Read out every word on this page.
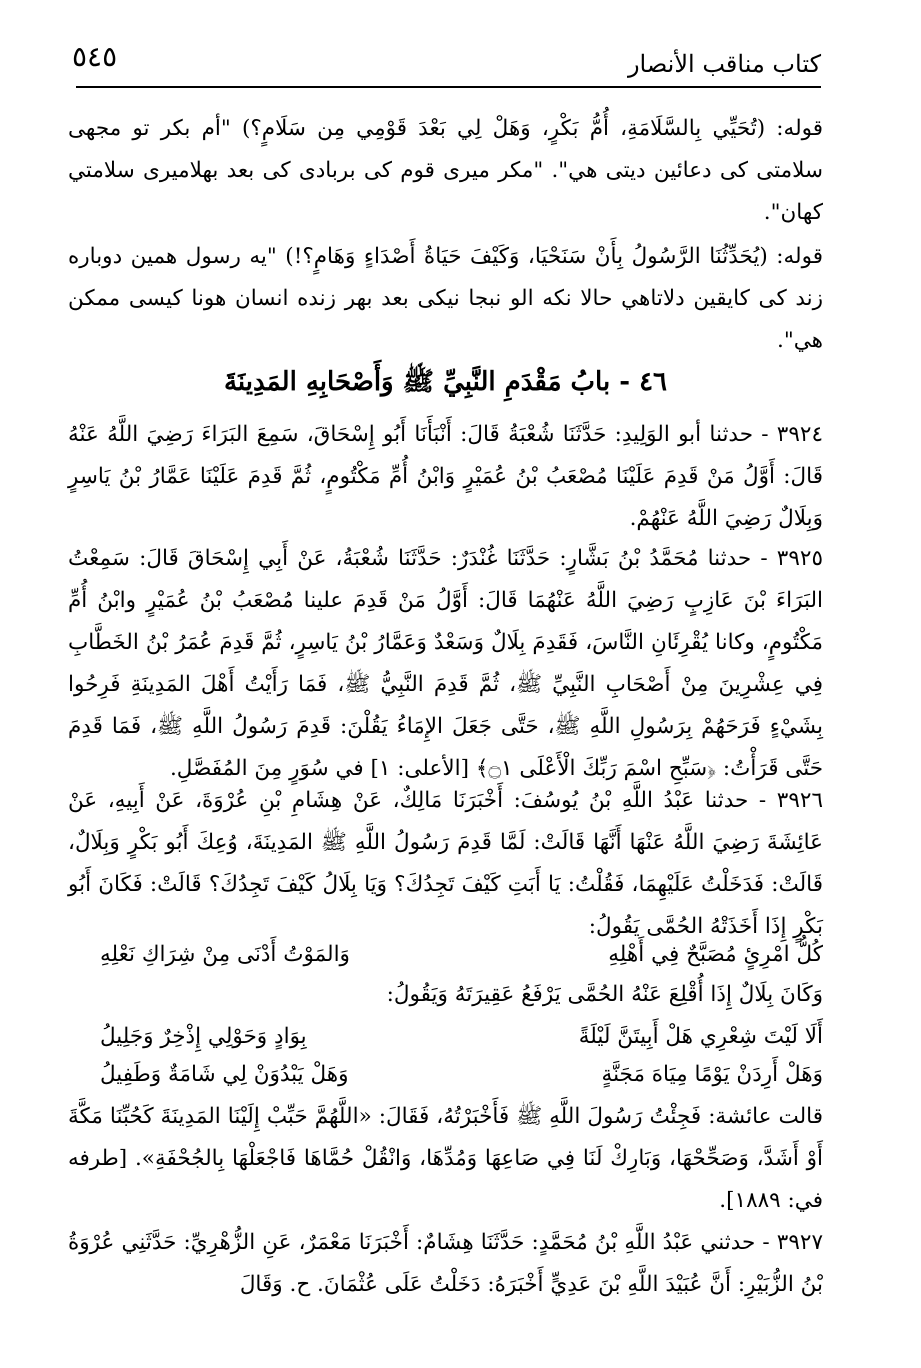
٥٤٥	كتاب مناقب الأنصار

قوله: (تُحَيِّي بِالسَّلَامَةِ، أُمُّ بَكْرٍ، وَهَلْ لِي بَعْدَ قَوْمِي مِن سَلَامٍ؟) "أم بكر تو مجهى سلامتى كى دعائين ديتى هي". "مكر ميرى قوم كى بربادى كى بعد بهلاميرى سلامتي كهان".

قوله: (يُحَدِّثُنَا الرَّسُولُ بِأَنْ سَنَحْيَا، وَكَيْفَ حَيَاةُ أَصْدَاءٍ وَهَامٍ؟!) "يه رسول همين دوباره زند كى كايقين دلاتاهي حالا نكه الو نبجا نيكى بعد بهر زنده انسان هونا كيسى ممكن هي".

٤٦ - بابُ مَقْدَمِ النَّبِيِّ ﷺ وَأَصْحَابِهِ المَدِينَةَ

٣٩٢٤ - حدثنا أبو الوَلِيدِ: حَدَّثَنَا شُعْبَةُ قَالَ: أَنْبَأَنَا أَبُو إِسْحَاقَ، سَمِعَ البَرَاءَ رَضِيَ اللَّهُ عَنْهُ قَالَ: أَوَّلُ مَنْ قَدِمَ عَلَيْنَا مُصْعَبُ بْنُ عُمَيْرٍ وَابْنُ أُمِّ مَكْتُومٍ، ثُمَّ قَدِمَ عَلَيْنَا عَمَّارُ بْنُ يَاسِرٍ وَبِلَالٌ رَضِيَ اللَّهُ عَنْهُمْ.

٣٩٢٥ - حدثنا مُحَمَّدُ بْنُ بَشَّارٍ: حَدَّثَنَا غُنْدَرٌ: حَدَّثَنَا شُعْبَةُ، عَنْ أَبِي إِسْحَاقَ قَالَ: سَمِعْتُ البَرَاءَ بْنَ عَازِبٍ رَضِيَ اللَّهُ عَنْهُمَا قَالَ: أَوَّلُ مَنْ قَدِمَ علينا مُصْعَبُ بْنُ عُمَيْرٍ وابْنُ أُمِّ مَكْتُومٍ، وكانا يُقْرِئَانِ النَّاسَ، فَقَدِمَ بِلَالٌ وَسَعْدٌ وَعَمَّارُ بْنُ يَاسِرٍ، ثُمَّ قَدِمَ عُمَرُ بْنُ الخَطَّابِ فِي عِشْرِينَ مِنْ أَصْحَابِ النَّبِيِّ ﷺ، ثُمَّ قَدِمَ النَّبِيُّ ﷺ، فَمَا رَأَيْتُ أَهْلَ المَدِينَةِ فَرِحُوا بِشَيْءٍ فَرَحَهُمْ بِرَسُولِ اللَّهِ ﷺ، حَتَّى جَعَلَ الإِمَاءُ يَقُلْنَ: قَدِمَ رَسُولُ اللَّهِ ﷺ، فَمَا قَدِمَ حَتَّى قَرَأْتُ: ﴿سَبِّحِ اسْمَ رَبِّكَ الْأَعْلَى ۝١﴾ [الأعلى: ١] في سُوَرٍ مِنَ المُفَصَّلِ.

٣٩٢٦ - حدثنا عَبْدُ اللَّهِ بْنُ يُوسُفَ: أَخْبَرَنَا مَالِكٌ، عَنْ هِشَامِ بْنِ عُرْوَةَ، عَنْ أَبِيهِ، عَنْ عَائِشَةَ رَضِيَ اللَّهُ عَنْهَا أَنَّهَا قَالَتْ: لَمَّا قَدِمَ رَسُولُ اللَّهِ ﷺ المَدِينَةَ، وُعِكَ أَبُو بَكْرٍ وَبِلَالٌ، قَالَتْ: فَدَخَلْتُ عَلَيْهِمَا، فَقُلْتُ: يَا أَبَتِ كَيْفَ تَجِدُكَ؟ وَيَا بِلَالُ كَيْفَ تَجِدُكَ؟ قَالَتْ: فَكَانَ أَبُو بَكْرٍ إِذَا أَخَذَتْهُ الحُمَّى يَقُولُ:

كُلُّ امْرِئٍ مُصَبَّحٌ فِي أَهْلِهِ
وَالمَوْتُ أَدْنَى مِنْ شِرَاكِ نَعْلِهِ

وَكَانَ بِلَالٌ إِذَا أُقْلِعَ عَنْهُ الحُمَّى يَرْفَعُ عَقِيرَتَهُ وَيَقُولُ:

أَلَا لَيْتَ شِعْرِي هَلْ أَبِيتَنَّ لَيْلَةً
بِوَادٍ وَحَوْلِي إِذْخِرٌ وَجَلِيلُ
وَهَلْ أَرِدَنْ يَوْمًا مِيَاهَ مَجَنَّةٍ
وَهَلْ يَبْدُوَنْ لِي شَامَةٌ وَطَفِيلُ

قالت عائشة: فَجِئْتُ رَسُولَ اللَّهِ ﷺ فَأَخْبَرْتُهُ، فَقَالَ: «اللَّهُمَّ حَبِّبْ إِلَيْنَا المَدِينَةَ كَحُبِّنَا مَكَّةَ أَوْ أَشَدَّ، وَصَحِّحْهَا، وَبَارِكْ لَنَا فِي صَاعِهَا وَمُدِّهَا، وَانْقُلْ حُمَّاهَا فَاجْعَلْهَا بِالجُحْفَةِ». [طرفه في: ١٨٨٩].

٣٩٢٧ - حدثني عَبْدُ اللَّهِ بْنُ مُحَمَّدٍ: حَدَّثَنَا هِشَامٌ: أَخْبَرَنَا مَعْمَرٌ، عَنِ الزُّهْرِيِّ: حَدَّثَنِي عُرْوَةُ بْنُ الزُّبَيْرِ: أَنَّ عُبَيْدَ اللَّهِ بْنَ عَدِيٍّ أَخْبَرَهُ: دَخَلْتُ عَلَى عُثْمَانَ. ح. وَقَالَ
